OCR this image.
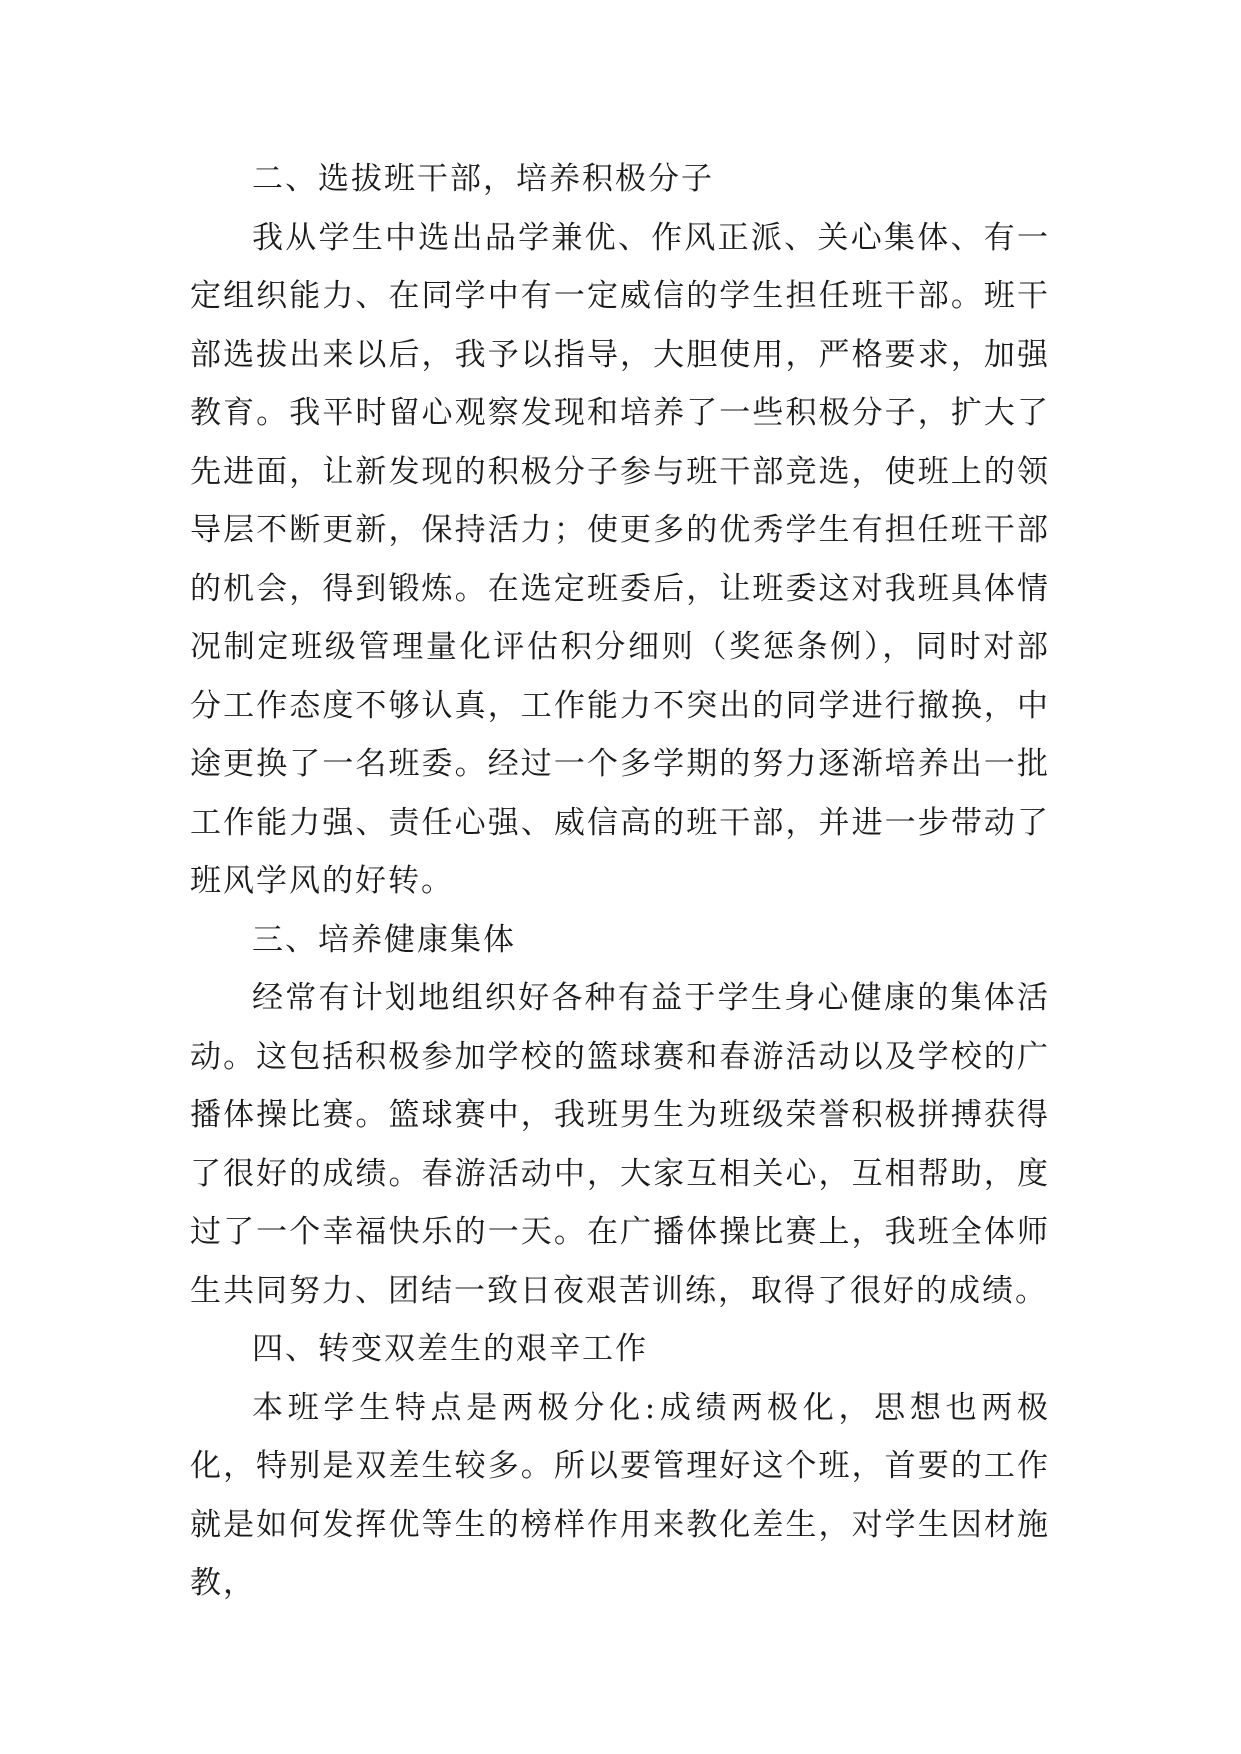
二、选拔班干部，培养积极分子

我从学生中选出品学兼优、作风正派、关心集体、有一定组织能力、在同学中有一定威信的学生担任班干部。班干部选拔出来以后，我予以指导，大胆使用，严格要求，加强教育。我平时留心观察发现和培养了一些积极分子，扩大了先进面，让新发现的积极分子参与班干部竞选，使班上的领导层不断更新，保持活力；使更多的优秀学生有担任班干部的机会，得到锻炼。在选定班委后，让班委这对我班具体情况制定班级管理量化评估积分细则（奖惩条例），同时对部分工作态度不够认真，工作能力不突出的同学进行撤换，中途更换了一名班委。经过一个多学期的努力逐渐培养出一批工作能力强、责任心强、威信高的班干部，并进一步带动了班风学风的好转。

三、培养健康集体

经常有计划地组织好各种有益于学生身心健康的集体活动。这包括积极参加学校的篮球赛和春游活动以及学校的广播体操比赛。篮球赛中，我班男生为班级荣誉积极拼搏获得了很好的成绩。春游活动中，大家互相关心，互相帮助，度过了一个幸福快乐的一天。在广播体操比赛上，我班全体师生共同努力、团结一致日夜艰苦训练，取得了很好的成绩。

四、转变双差生的艰辛工作

本班学生特点是两极分化:成绩两极化，思想也两极化，特别是双差生较多。所以要管理好这个班，首要的工作就是如何发挥优等生的榜样作用来教化差生，对学生因材施教，
